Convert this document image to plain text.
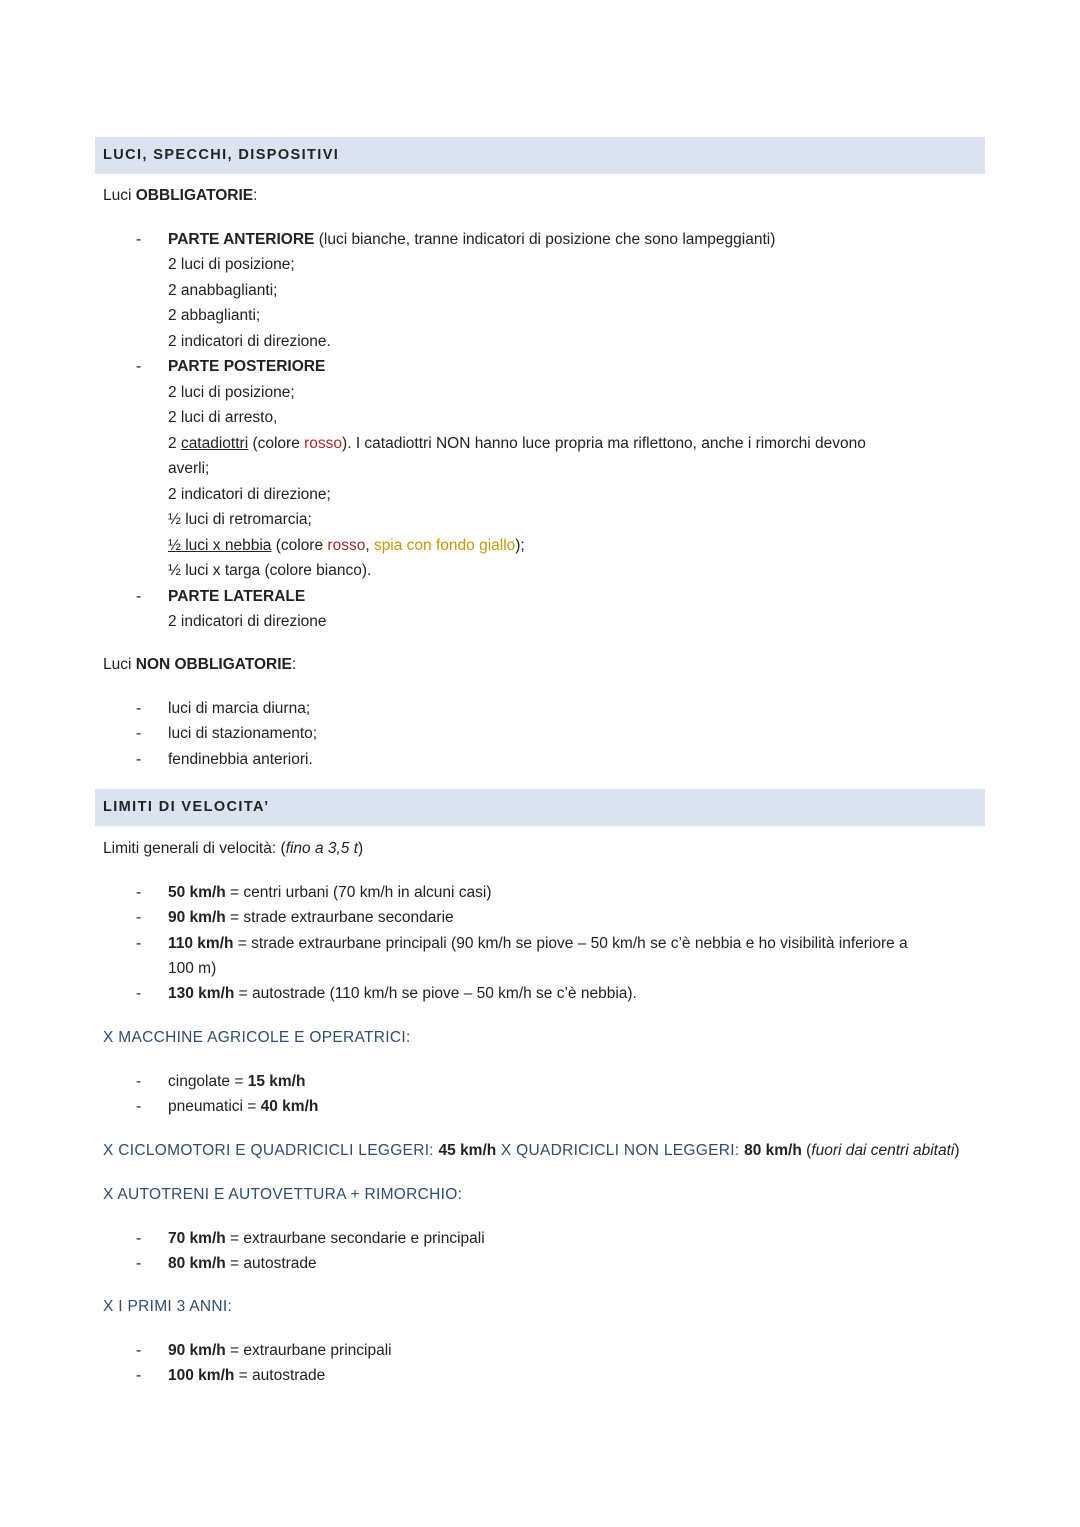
LUCI, SPECCHI, DISPOSITIVI
Luci OBBLIGATORIE:
- PARTE ANTERIORE (luci bianche, tranne indicatori di posizione che sono lampeggianti)
2 luci di posizione;
2 anabbaglianti;
2 abbaglianti;
2 indicatori di direzione.
- PARTE POSTERIORE
2 luci di posizione;
2 luci di arresto,
2 catadiottri (colore rosso). I catadiottri NON hanno luce propria ma riflettono, anche i rimorchi devono
averli;
2 indicatori di direzione;
½ luci di retromarcia;
½ luci x nebbia (colore rosso, spia con fondo giallo);
½ luci x targa (colore bianco).
- PARTE LATERALE
2 indicatori di direzione
Luci NON OBBLIGATORIE:
- luci di marcia diurna;
- luci di stazionamento;
- fendinebbia anteriori.
LIMITI DI VELOCITA’
Limiti generali di velocità: (fino a 3,5 t)
- 50 km/h = centri urbani (70 km/h in alcuni casi)
- 90 km/h = strade extraurbane secondarie
- 110 km/h = strade extraurbane principali (90 km/h se piove – 50 km/h se c’è nebbia e ho visibilità inferiore a
100 m)
- 130 km/h = autostrade (110 km/h se piove – 50 km/h se c’è nebbia).
X MACCHINE AGRICOLE E OPERATRICI:
- cingolate = 15 km/h
- pneumatici = 40 km/h
X CICLOMOTORI E QUADRICICLI LEGGERI: 45 km/h X QUADRICICLI NON LEGGERI: 80 km/h (fuori dai centri abitati)
X AUTOTRENI E AUTOVETTURA + RIMORCHIO:
- 70 km/h = extraurbane secondarie e principali
- 80 km/h = autostrade
X I PRIMI 3 ANNI:
- 90 km/h = extraurbane principali
- 100 km/h = autostrade
